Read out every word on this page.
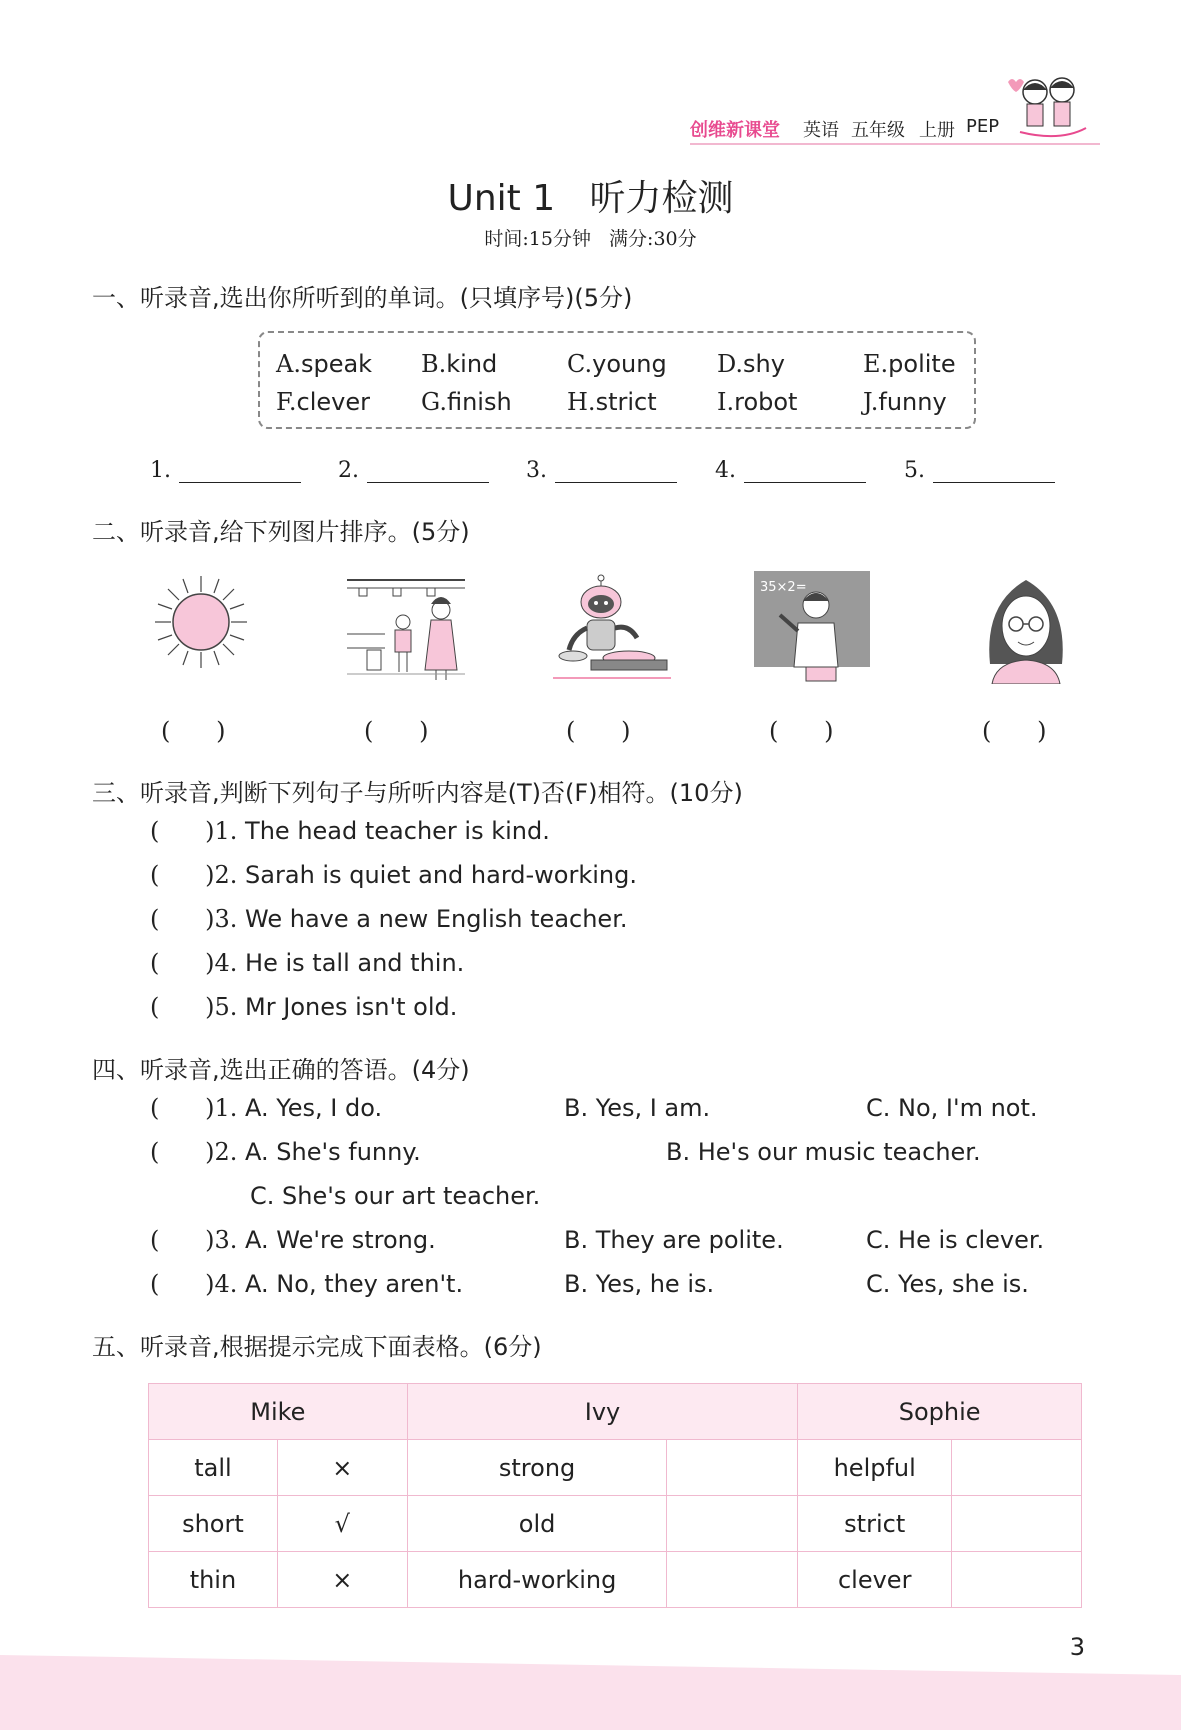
创维新课堂 英语 五年级 上册 PEP
Unit 1   听力检测
时间:15分钟   满分:30分
一、听录音,选出你所听到的单词。(只填序号)(5分)
A.speak B.kind	C.young D.shy	E.polite
F.clever G.finish H.strict	I.robot	J.funny
1.	2.	3.	4.	5.
二、听录音,给下列图片排序。(5分)
35×2=
(      )	(      )	(      )	(      )	(      )
三、听录音,判断下列句子与所听内容是(T)否(F)相符。(10分)
(      )1. The head teacher is kind.
(      )2. Sarah is quiet and hard-working.
(      )3. We have a new English teacher.
(      )4. He is tall and thin.
(      )5. Mr Jones isn't old.
四、听录音,选出正确的答语。(4分)
(      )1. A. Yes, I do.	B. Yes, I am.	C. No, I'm not.
(      )2. A. She's funny.	B. He's our music teacher.
C. She's our art teacher.
(      )3. A. We're strong.	B. They are polite.	C. He is clever.
(      )4. A. No, they aren't.	B. Yes, he is.	C. Yes, she is.
五、听录音,根据提示完成下面表格。(6分)
Mike		Ivy		Sophie	
tall	×	strong		helpful	
short	√	old		strict	
thin	×	hard-working		clever	
3
